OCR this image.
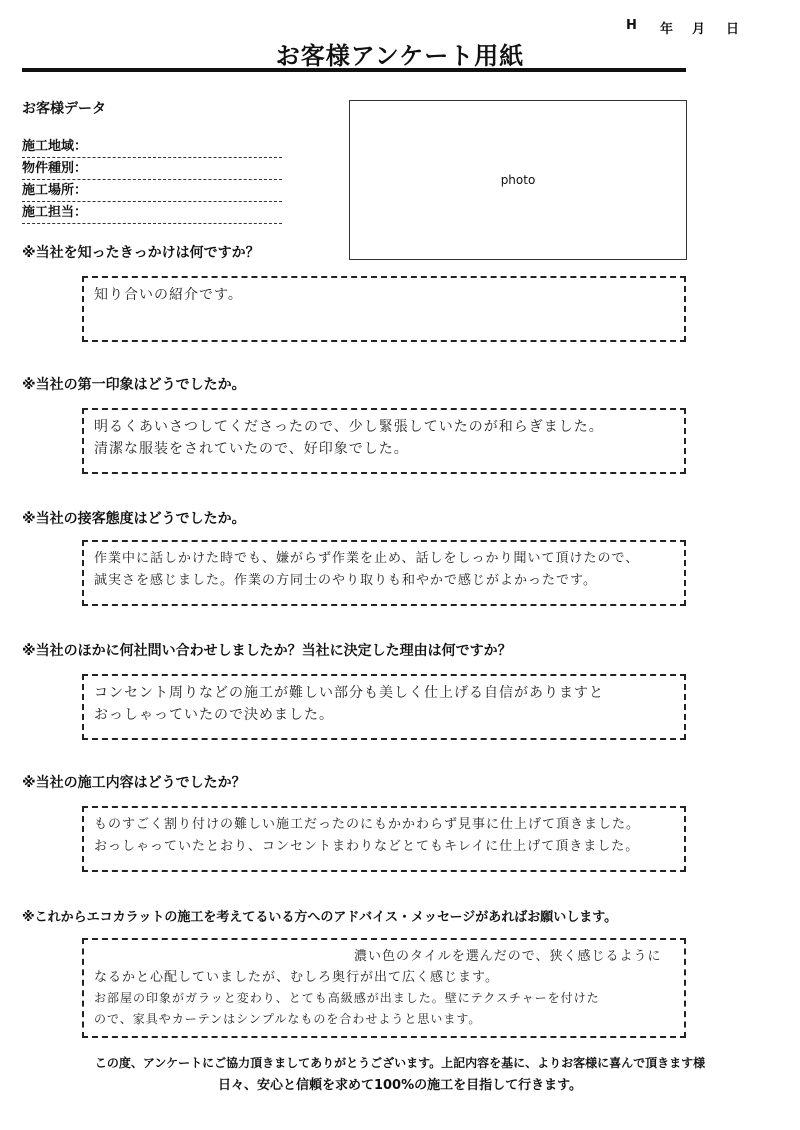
H 年 月 日
お客様アンケート用紙
お客様データ
施工地域：
物件種別：
施工場所：
施工担当：
photo
※当社を知ったきっかけは何ですか？
知り合いの紹介です。
※当社の第一印象はどうでしたか。
明るくあいさつしてくださったので、少し緊張していたのが和らぎました。
清潔な服装をされていたので、好印象でした。
※当社の接客態度はどうでしたか。
作業中に話しかけた時でも、嫌がらず作業を止め、話しをしっかり聞いて頂けたので、
誠実さを感じました。作業の方同士のやり取りも和やかで感じがよかったです。
※当社のほかに何社問い合わせしましたか？当社に決定した理由は何ですか？
コンセント周りなどの施工が難しい部分も美しく仕上げる自信がありますと
おっしゃっていたので決めました。
※当社の施工内容はどうでしたか？
ものすごく割り付けの難しい施工だったのにもかかわらず見事に仕上げて頂きました。
おっしゃっていたとおり、コンセントまわりなどとてもキレイに仕上げて頂きました。
※これからエコカラットの施工を考えてるいる方へのアドバイス・メッセージがあればお願いします。
濃い色のタイルを選んだので、狭く感じるように
なるかと心配していましたが、むしろ奥行が出て広く感じます。
お部屋の印象がガラッと変わり、とても高級感が出ました。壁にテクスチャーを付けた
ので、家具やカーテンはシンプルなものを合わせようと思います。
この度、アンケートにご協力頂きましてありがとうございます。上記内容を基に、よりお客様に喜んで頂きます様
日々、安心と信頼を求めて100%の施工を目指して行きます。
